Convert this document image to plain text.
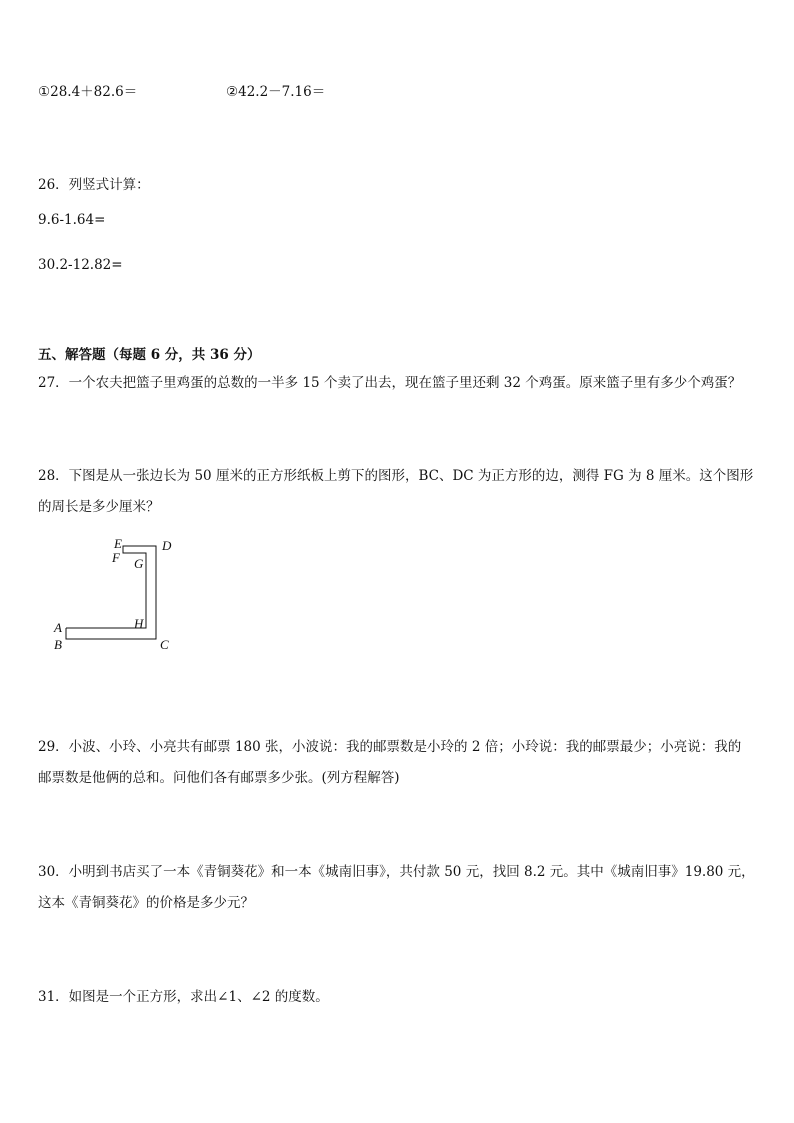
①28.4＋82.6＝	②42.2－7.16＝
26．列竖式计算：
9.6-1.64=
30.2-12.82=
五、解答题（每题 6 分，共 36 分）
27．一个农夫把篮子里鸡蛋的总数的一半多 15 个卖了出去，现在篮子里还剩 32 个鸡蛋。原来篮子里有多少个鸡蛋？
28．下图是从一张边长为 50 厘米的正方形纸板上剪下的图形，BC、DC 为正方形的边，测得 FG 为 8 厘米。这个图形
的周长是多少厘米？
E	D
F G
A	H
B	C
29．小波、小玲、小亮共有邮票 180 张，小波说：我的邮票数是小玲的 2 倍；小玲说：我的邮票最少；小亮说：我的
邮票数是他俩的总和。问他们各有邮票多少张。(列方程解答)
30．小明到书店买了一本《青铜葵花》和一本《城南旧事》，共付款 50 元，找回 8.2 元。其中《城南旧事》19.80 元，
这本《青铜葵花》的价格是多少元？
31．如图是一个正方形，求出∠1、∠2 的度数。
